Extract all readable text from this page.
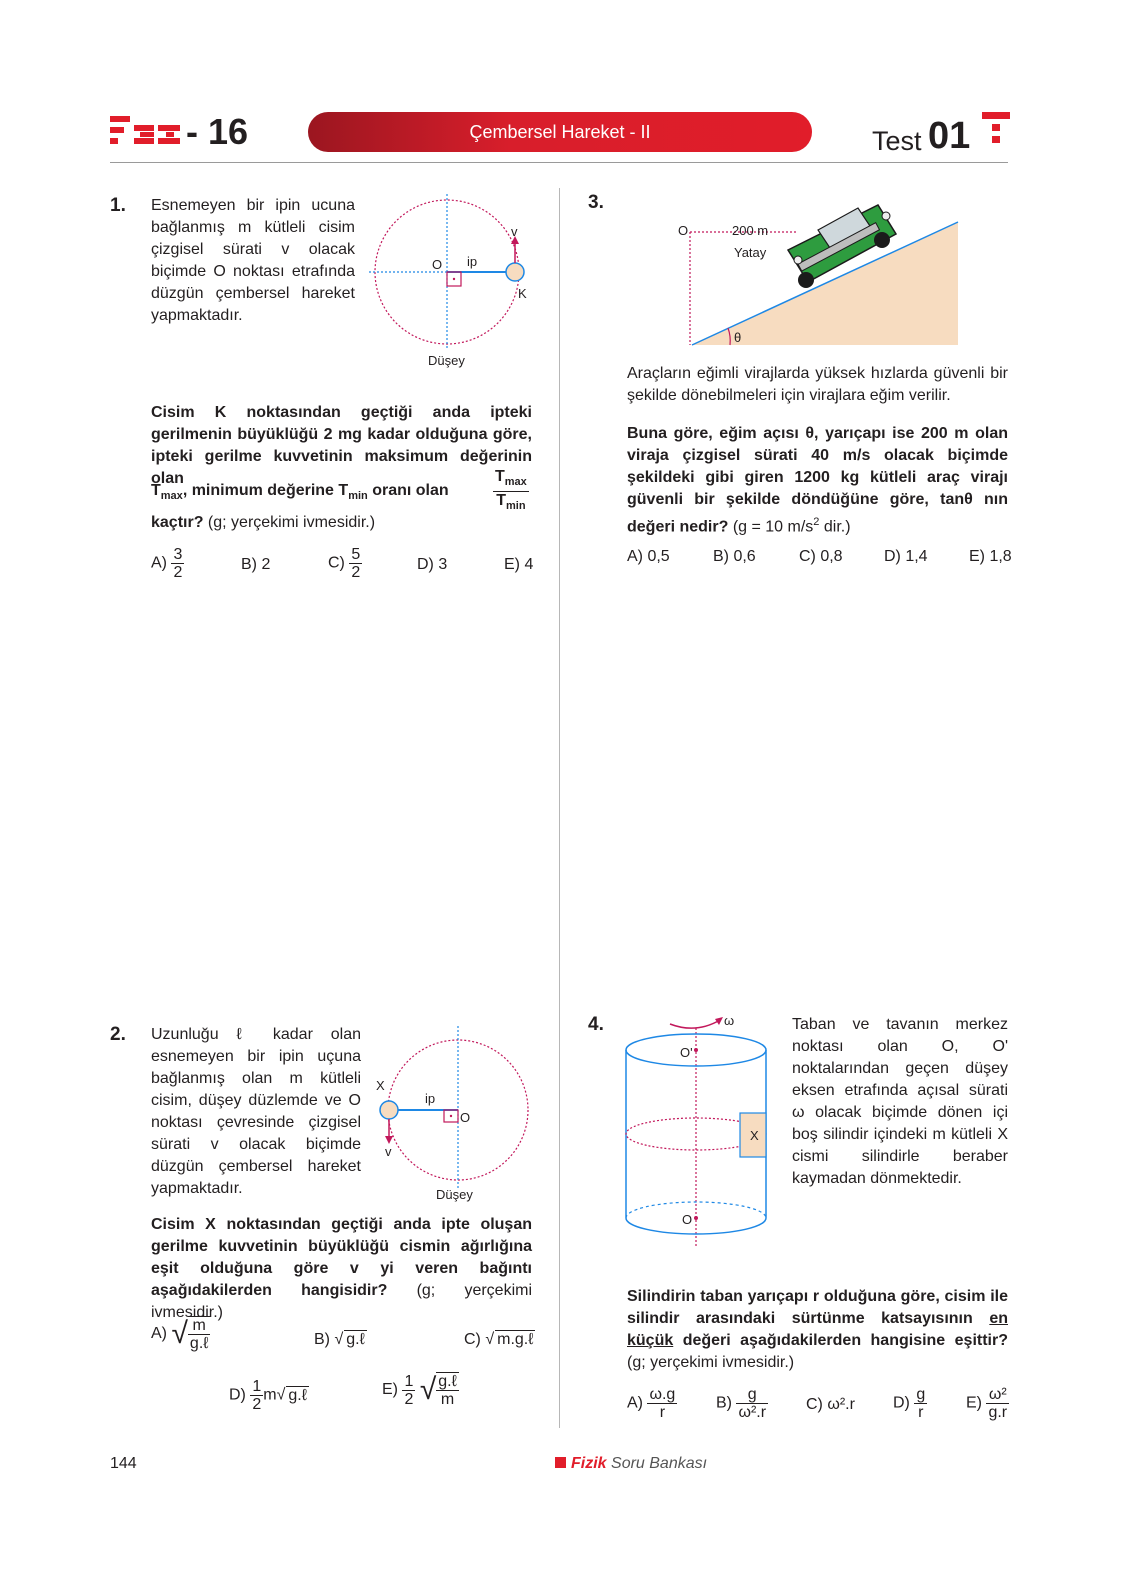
- 16	Çembersel Hareket - II	Test 01
1. Esnemeyen bir ipin ucuna bağlanmış m kütleli cisim çizgisel sürati v olacak biçimde O noktası etrafında düzgün çembersel hareket yapmaktadır.
v
O ip
K
Düşey
Cisim K noktasından geçtiği anda ipteki gerilmenin büyüklüğü 2 mg kadar olduğuna göre, ipteki gerilme kuvvetinin maksimum değerinin olan
$T_{max}$, minimum değerine $T_{min}$ oranı olan
$T_{max}$
$T_{min}$
kaçtır? (g; yerçekimi ivmesidir.)
$A) \frac{3}{2}$	B) 2	$C) \frac{5}{2}$	D) 3	E) 4
3.
O	200 m
Yatay
θ
Araçların eğimli virajlarda yüksek hızlarda güvenli bir şekilde dönebilmeleri için virajlara eğim verilir.
Buna göre, eğim açısı θ, yarıçapı ise 200 m olan viraja çizgisel sürati 40 m/s olacak biçimde şekildeki gibi giren 1200 kg kütleli araç virajı güvenli bir şekilde döndüğüne göre, tanθ nın değeri nedir? (g = 10 $m/s^2$ dir.)
A) 0,5	B) 0,6	C) 0,8	D) 1,4	E) 1,8
2. Uzunluğu ℓ kadar olan esnemeyen bir ipin uçuna bağlanmış olan m kütleli cisim, düşey düzlemde ve O noktası çevresinde çizgisel sürati v olacak biçimde düzgün çembersel hareket yapmaktadır.
X
ip
O
v
Düşey
Cisim X noktasından geçtiği anda ipte oluşan gerilme kuvvetinin büyüklüğü cismin ağırlığına eşit olduğuna göre v yi veren bağıntı aşağıdakilerden hangisidir? (g; yerçekimi ivmesidir.)
A) √ $\frac{m}{\text{g.ℓ}}$	B) √ g.ℓ	C) √ m.g.ℓ
$D) \frac{1}{2} m√$ g.ℓ	$E) \frac{1}{2}$ √ $\frac{\text{g.ℓ}}{m}$
4.	ω
O'
X
O
Taban ve tavanın merkez noktası olan O, O' noktalarından geçen düşey eksen etrafında açısal sürati ω olacak biçimde dönen içi boş silindir içindeki m kütleli X cismi silindirle beraber kaymadan dönmektedir.
Silindirin taban yarıçapı r olduğuna göre, cisim ile silindir arasındaki sürtünme katsayısının en küçük değeri aşağıdakilerden hangisine eşittir? (g; yerçekimi ivmesidir.)
$A) \frac{\omega.g}{r} B) \frac{g}{\text{ω².r}} C$) ω².r $D) \frac{g}{r} E) \frac{\text{ω²}}{g.r}$
144	Fizik Soru Bankası
